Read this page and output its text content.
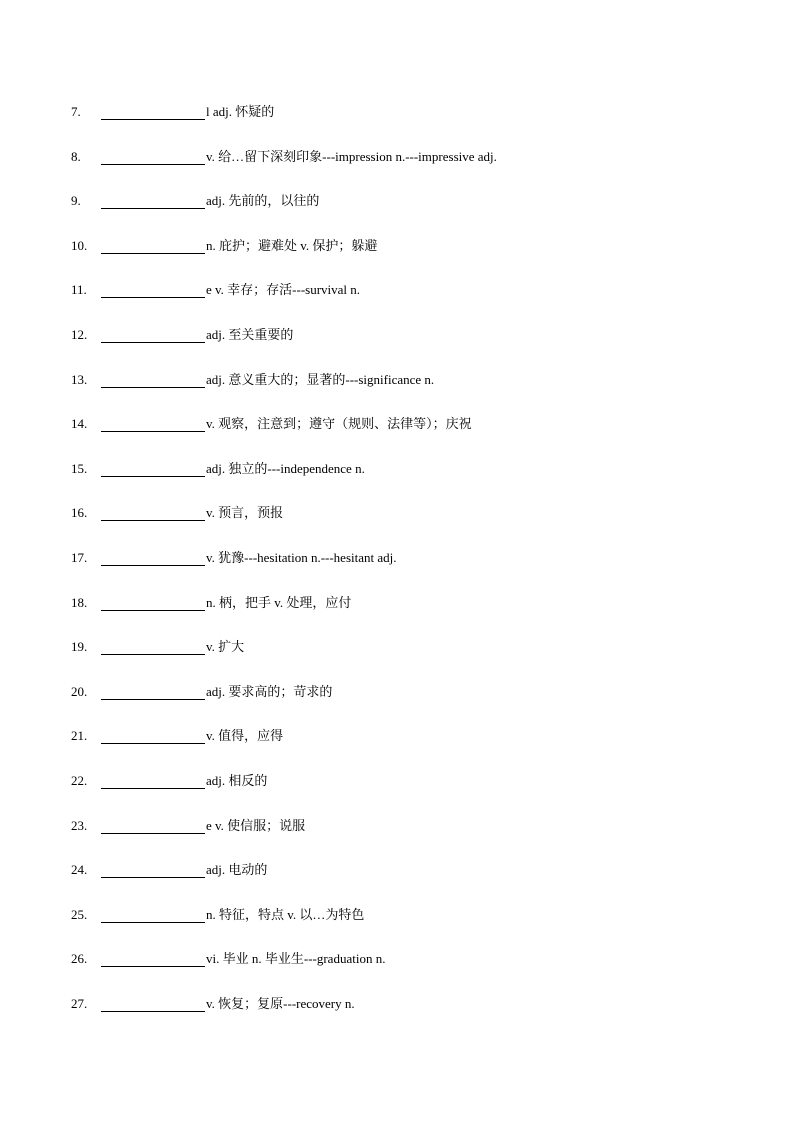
7.	l adj. 怀疑的
8.	v. 给…留下深刻印象---impression n.---impressive adj.
9.	adj. 先前的，以往的
10.	n. 庇护；避难处 v. 保护；躲避
11.	e v. 幸存；存活---survival n.
12.	adj. 至关重要的
13.	adj. 意义重大的；显著的---significance n.
14.	v. 观察，注意到；遵守（规则、法律等）；庆祝
15.	adj. 独立的---independence n.
16.	v. 预言，预报
17.	v. 犹豫---hesitation n.---hesitant adj.
18.	n. 柄，把手 v. 处理，应付
19.	v. 扩大
20.	adj. 要求高的；苛求的
21.	v. 值得，应得
22.	adj. 相反的
23.	e v. 使信服；说服
24.	adj. 电动的
25.	n. 特征，特点 v. 以…为特色
26.	vi. 毕业 n. 毕业生---graduation n.
27.	v. 恢复；复原---recovery n.
